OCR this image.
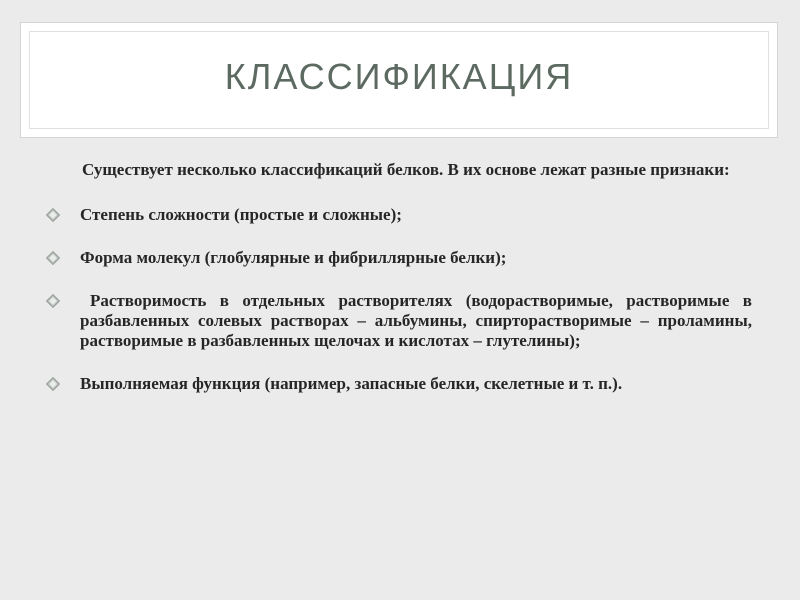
КЛАССИФИКАЦИЯ

Существует несколько классификаций белков. В их основе лежат разные признаки:

Степень сложности (простые и сложные);
Форма молекул (глобулярные и фибриллярные белки);
Растворимость в отдельных растворителях (водорастворимые, растворимые в разбавленных солевых растворах – альбумины, спирторастворимые – проламины, растворимые в разбавленных щелочах и кислотах – глутелины);
Выполняемая функция (например, запасные белки, скелетные и т. п.).
